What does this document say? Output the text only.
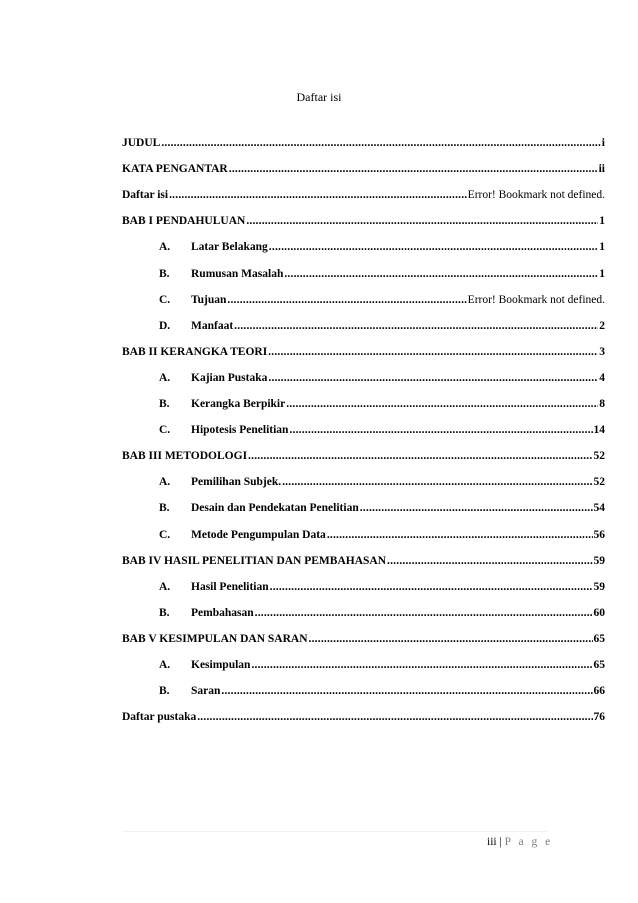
Daftar isi
JUDUL .....	i
KATA PENGANTAR .....	ii
Daftar isi .....	Error! Bookmark not defined.
BAB I PENDAHULUAN .....	1
A.	Latar Belakang .....	1
B.	Rumusan Masalah .....	1
C.	Tujuan .....	Error! Bookmark not defined.
D.	Manfaat .....	2
BAB II KERANGKA TEORI .....	3
A.	Kajian Pustaka .....	4
B.	Kerangka Berpikir .....	8
C.	Hipotesis Penelitian .....	14
BAB III METODOLOGI .....	52
A.	Pemilihan Subjek. .....	52
B.	Desain dan Pendekatan Penelitian .....	54
C.	Metode Pengumpulan Data .....	56
BAB IV HASIL PENELITIAN DAN PEMBAHASAN .....	59
A.	Hasil Penelitian .....	59
B.	Pembahasan .....	60
BAB V KESIMPULAN DAN SARAN .....	65
A.	Kesimpulan .....	65
B.	Saran .....	66
Daftar pustaka .....	76
iii | P a g e
